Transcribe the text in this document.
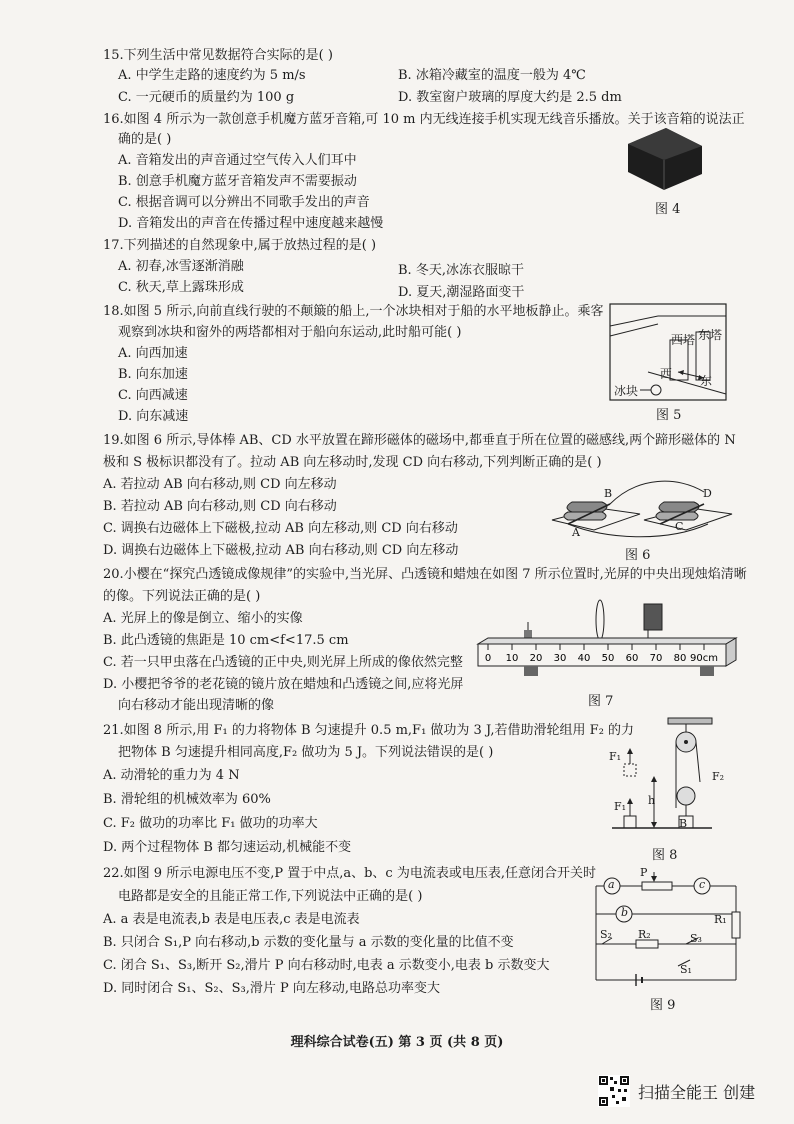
15.下列生活中常见数据符合实际的是( )
A. 中学生走路的速度约为 5 m/s	B. 冰箱冷藏室的温度一般为 4℃
C. 一元硬币的质量约为 100 g	D. 教室窗户玻璃的厚度大约是 2.5 dm
16.如图 4 所示为一款创意手机魔方蓝牙音箱,可 10 m 内无线连接手机实现无线音乐播放。关于该音箱的说法正
确的是( )
A. 音箱发出的声音通过空气传入人们耳中
B. 创意手机魔方蓝牙音箱发声不需要振动
C. 根据音调可以分辨出不同歌手发出的声音
D. 音箱发出的声音在传播过程中速度越来越慢
图 4
17.下列描述的自然现象中,属于放热过程的是( )
A. 初春,冰雪逐渐消融	B. 冬天,冰冻衣服晾干
C. 秋天,草上露珠形成	D. 夏天,潮湿路面变干
18.如图 5 所示,向前直线行驶的不颠簸的船上,一个冰块相对于船的水平地板静止。乘客
观察到冰块和窗外的两塔都相对于船向东运动,此时船可能( )
A. 向西加速
B. 向东加速
C. 向西减速
D. 向东减速
西塔 东塔
西 东
冰块
图 5
19.如图 6 所示,导体棒 AB、CD 水平放置在蹄形磁体的磁场中,都垂直于所在位置的磁感线,两个蹄形磁体的 N
极和 S 极标识都没有了。拉动 AB 向左移动时,发现 CD 向右移动,下列判断正确的是( )
A. 若拉动 AB 向右移动,则 CD 向左移动
B. 若拉动 AB 向右移动,则 CD 向右移动
C. 调换右边磁体上下磁极,拉动 AB 向左移动,则 CD 向右移动
D. 调换右边磁体上下磁极,拉动 AB 向右移动,则 CD 向左移动
A
B
C
D
图 6
20.小樱在“探究凸透镜成像规律”的实验中,当光屏、凸透镜和蜡烛在如图 7 所示位置时,光屏的中央出现烛焰清晰
的像。下列说法正确的是( )
A. 光屏上的像是倒立、缩小的实像
B. 此凸透镜的焦距是 10 cm<f<17.5 cm
C. 若一只甲虫落在凸透镜的正中央,则光屏上所成的像依然完整
D. 小樱把爷爷的老花镜的镜片放在蜡烛和凸透镜之间,应将光屏
向右移动才能出现清晰的像
0 10 20 30 40 50 60 70 80 90cm
图 7
21.如图 8 所示,用 F₁ 的力将物体 B 匀速提升 0.5 m,F₁ 做功为 3 J,若借助滑轮组用 F₂ 的力
把物体 B 匀速提升相同高度,F₂ 做功为 5 J。下列说法错误的是( )
A. 动滑轮的重力为 4 N
B. 滑轮组的机械效率为 60%
C. F₂ 做功的功率比 F₁ 做功的功率大
D. 两个过程物体 B 都匀速运动,机械能不变
F₁
F₁
F₂
h
B
图 8
22.如图 9 所示电源电压不变,P 置于中点,a、b、c 为电流表或电压表,任意闭合开关时
电路都是安全的且能正常工作,下列说法中正确的是( )
A. a 表是电流表,b 表是电压表,c 表是电流表
B. 只闭合 S₁,P 向右移动,b 示数的变化量与 a 示数的变化量的比值不变
C. 闭合 S₁、S₃,断开 S₂,滑片 P 向右移动时,电表 a 示数变小,电表 b 示数变大
D. 同时闭合 S₁、S₂、S₃,滑片 P 向左移动,电路总功率变大
a
b
c
P
R₁
R₂
S₂	S₃
S₁
图 9
理科综合试卷(五) 第 3 页 (共 8 页)
扫描全能王 创建
